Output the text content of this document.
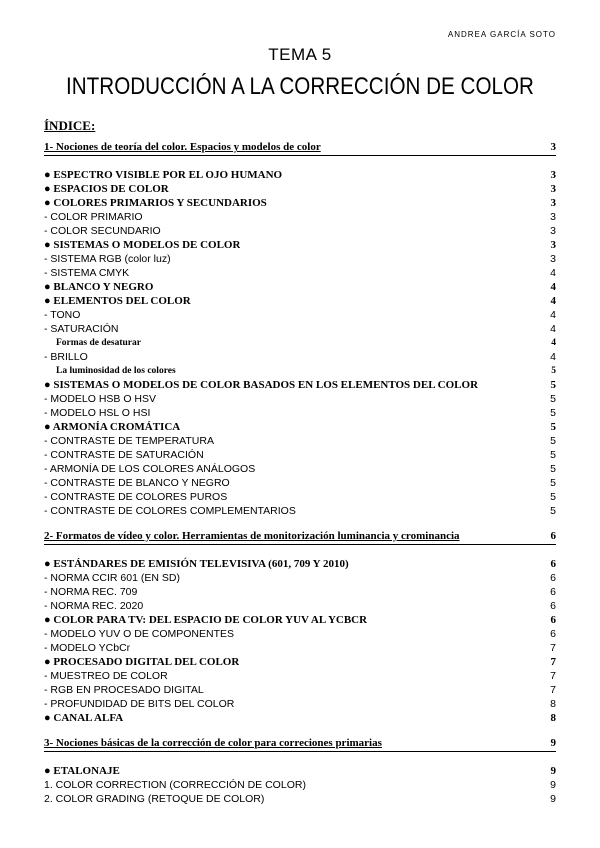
ANDREA GARCÍA SOTO
TEMA 5
INTRODUCCIÓN A LA CORRECCIÓN DE COLOR
ÍNDICE:
1- Nociones de teoría del color. Espacios y modelos de color	3
● ESPECTRO VISIBLE POR EL OJO HUMANO	3
● ESPACIOS DE COLOR	3
● COLORES PRIMARIOS Y SECUNDARIOS	3
- COLOR PRIMARIO	3
- COLOR SECUNDARIO	3
● SISTEMAS O MODELOS DE COLOR	3
- SISTEMA RGB (color luz)	3
- SISTEMA CMYK	4
● BLANCO Y NEGRO	4
● ELEMENTOS DEL COLOR	4
- TONO	4
- SATURACIÓN	4
Formas de desaturar	4
- BRILLO	4
La luminosidad de los colores	5
● SISTEMAS O MODELOS DE COLOR BASADOS EN LOS ELEMENTOS DEL COLOR	5
- MODELO HSB O HSV	5
- MODELO HSL O HSI	5
● ARMONÍA CROMÁTICA	5
- CONTRASTE DE TEMPERATURA	5
- CONTRASTE DE SATURACIÓN	5
- ARMONÍA DE LOS COLORES ANÁLOGOS	5
- CONTRASTE DE BLANCO Y NEGRO	5
- CONTRASTE DE COLORES PUROS	5
- CONTRASTE DE COLORES COMPLEMENTARIOS	5
2- Formatos de vídeo y color. Herramientas de monitorización luminancia y crominancia	6
● ESTÁNDARES DE EMISIÓN TELEVISIVA (601, 709 Y 2010)	6
- NORMA CCIR 601 (EN SD)	6
- NORMA REC. 709	6
- NORMA REC. 2020	6
● COLOR PARA TV: DEL ESPACIO DE COLOR YUV AL YCBCR	6
- MODELO YUV O DE COMPONENTES	6
- MODELO YCbCr	7
● PROCESADO DIGITAL DEL COLOR	7
- MUESTREO DE COLOR	7
- RGB EN PROCESADO DIGITAL	7
- PROFUNDIDAD DE BITS DEL COLOR	8
● CANAL ALFA	8
3- Nociones básicas de la corrección de color para correciones primarias	9
● ETALONAJE	9
1. COLOR CORRECTION (CORRECCIÓN DE COLOR)	9
2. COLOR GRADING (RETOQUE DE COLOR)	9
